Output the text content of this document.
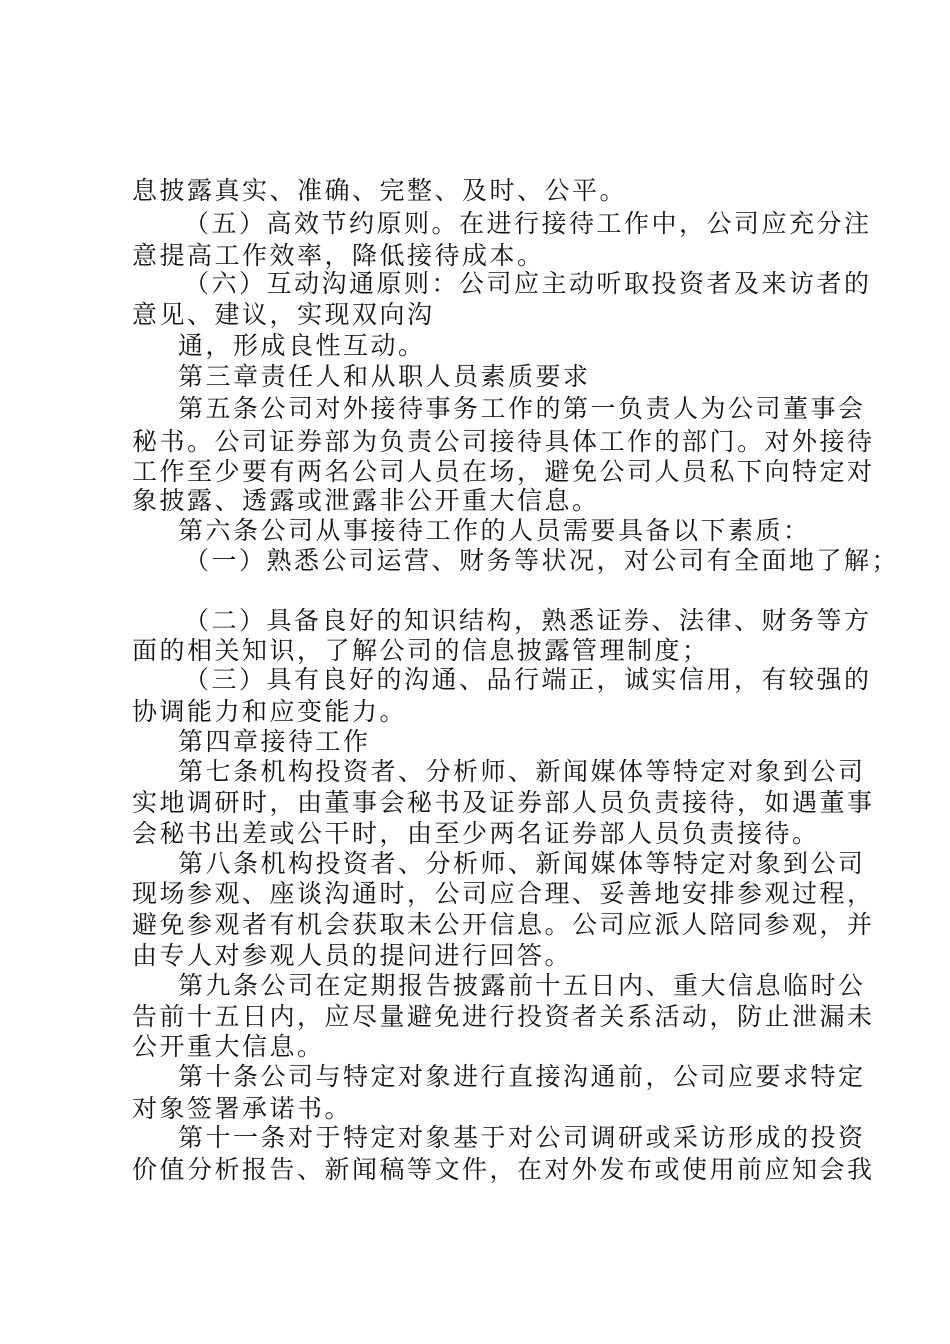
息披露真实、准确、完整、及时、公平。
（五）高效节约原则。在进行接待工作中，公司应充分注
意提高工作效率，降低接待成本。
（六）互动沟通原则：公司应主动听取投资者及来访者的
意见、建议，实现双向沟
通，形成良性互动。
第三章责任人和从职人员素质要求
第五条公司对外接待事务工作的第一负责人为公司董事会
秘书。公司证券部为负责公司接待具体工作的部门。对外接待
工作至少要有两名公司人员在场，避免公司人员私下向特定对
象披露、透露或泄露非公开重大信息。
第六条公司从事接待工作的人员需要具备以下素质：
（一）熟悉公司运营、财务等状况，对公司有全面地了解；
（二）具备良好的知识结构，熟悉证券、法律、财务等方
面的相关知识，了解公司的信息披露管理制度；
（三）具有良好的沟通、品行端正，诚实信用，有较强的
协调能力和应变能力。
第四章接待工作
第七条机构投资者、分析师、新闻媒体等特定对象到公司
实地调研时，由董事会秘书及证券部人员负责接待，如遇董事
会秘书出差或公干时，由至少两名证券部人员负责接待。
第八条机构投资者、分析师、新闻媒体等特定对象到公司
现场参观、座谈沟通时，公司应合理、妥善地安排参观过程，
避免参观者有机会获取未公开信息。公司应派人陪同参观，并
由专人对参观人员的提问进行回答。
第九条公司在定期报告披露前十五日内、重大信息临时公
告前十五日内，应尽量避免进行投资者关系活动，防止泄漏未
公开重大信息。
第十条公司与特定对象进行直接沟通前，公司应要求特定
对象签署承诺书。
第十一条对于特定对象基于对公司调研或采访形成的投资
价值分析报告、新闻稿等文件，在对外发布或使用前应知会我
